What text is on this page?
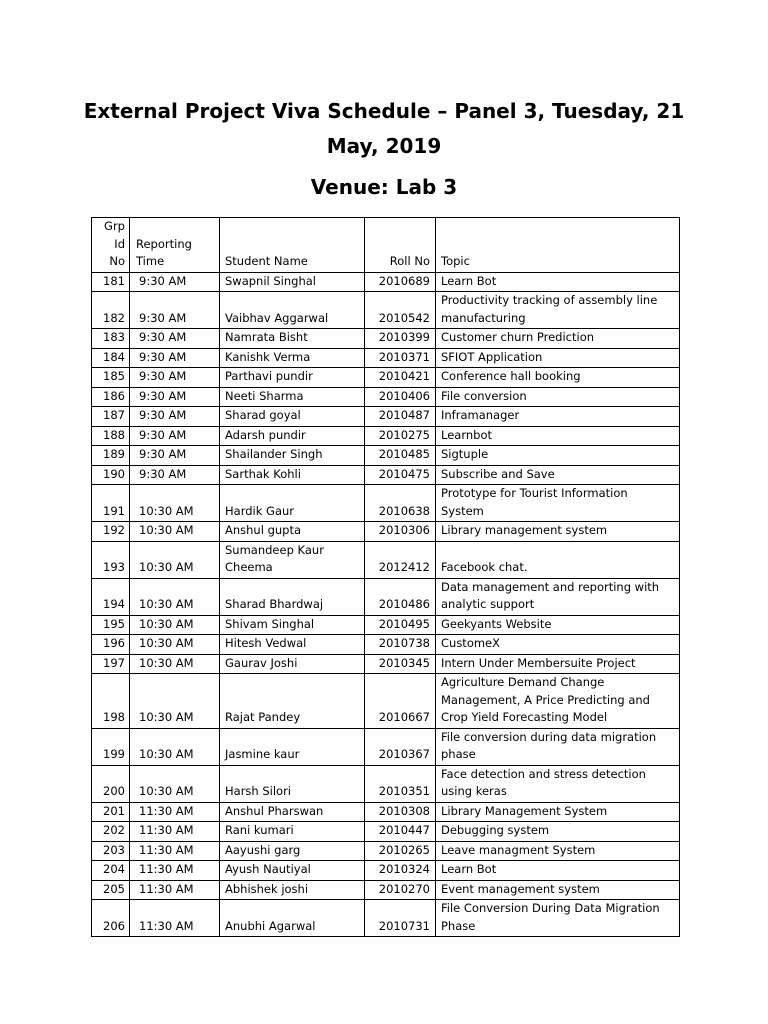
External Project Viva Schedule – Panel 3, Tuesday, 21 May, 2019
Venue: Lab 3
Grp Id No	Reporting Time	Student Name	Roll No	Topic
181	9:30 AM	Swapnil Singhal	2010689	Learn Bot
182	9:30 AM	Vaibhav Aggarwal	2010542	Productivity tracking of assembly line manufacturing
183	9:30 AM	Namrata Bisht	2010399	Customer churn Prediction
184	9:30 AM	Kanishk Verma	2010371	SFIOT Application
185	9:30 AM	Parthavi pundir	2010421	Conference hall booking
186	9:30 AM	Neeti Sharma	2010406	File conversion
187	9:30 AM	Sharad goyal	2010487	Inframanager
188	9:30 AM	Adarsh pundir	2010275	Learnbot
189	9:30 AM	Shailander Singh	2010485	Sigtuple
190	9:30 AM	Sarthak Kohli	2010475	Subscribe and Save
191	10:30 AM	Hardik Gaur	2010638	Prototype for Tourist Information System
192	10:30 AM	Anshul gupta	2010306	Library management system
193	10:30 AM	Sumandeep Kaur Cheema	2012412	Facebook chat.
194	10:30 AM	Sharad Bhardwaj	2010486	Data management and reporting with analytic support
195	10:30 AM	Shivam Singhal	2010495	Geekyants Website
196	10:30 AM	Hitesh Vedwal	2010738	CustomeX
197	10:30 AM	Gaurav Joshi	2010345	Intern Under Membersuite Project
198	10:30 AM	Rajat Pandey	2010667	Agriculture Demand Change Management, A Price Predicting and Crop Yield Forecasting Model
199	10:30 AM	Jasmine kaur	2010367	File conversion during data migration phase
200	10:30 AM	Harsh Silori	2010351	Face detection and stress detection using keras
201	11:30 AM	Anshul Pharswan	2010308	Library Management System
202	11:30 AM	Rani kumari	2010447	Debugging system
203	11:30 AM	Aayushi garg	2010265	Leave managment System
204	11:30 AM	Ayush Nautiyal	2010324	Learn Bot
205	11:30 AM	Abhishek joshi	2010270	Event management system
206	11:30 AM	Anubhi Agarwal	2010731	File Conversion During Data Migration Phase
